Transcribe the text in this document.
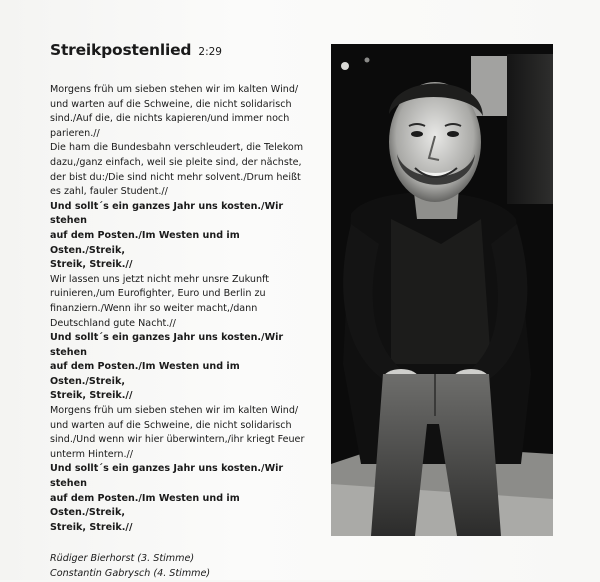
Streikpostenlied 2:29

Morgens früh um sieben stehen wir im kalten Wind/

und warten auf die Schweine, die nicht solidarisch

sind./Auf die, die nichts kapieren/und immer noch

parieren.//

Die ham die Bundesbahn verschleudert, die Telekom

dazu,/ganz einfach, weil sie pleite sind, der nächste,

der bist du:/Die sind nicht mehr solvent./Drum heißt

es zahl, fauler Student.//

Und sollt´s ein ganzes Jahr uns kosten./Wir stehen

auf dem Posten./Im Westen und im Osten./Streik,

Streik, Streik.//

Wir lassen uns jetzt nicht mehr unsre Zukunft

ruinieren,/um Eurofighter, Euro und Berlin zu

finanziern./Wenn ihr so weiter macht,/dann

Deutschland gute Nacht.//

Und sollt´s ein ganzes Jahr uns kosten./Wir stehen

auf dem Posten./Im Westen und im Osten./Streik,

Streik, Streik.//

Morgens früh um sieben stehen wir im kalten Wind/

und warten auf die Schweine, die nicht solidarisch

sind./Und wenn wir hier überwintern,/ihr kriegt Feuer

unterm Hintern.//

Und sollt´s ein ganzes Jahr uns kosten./Wir stehen

auf dem Posten./Im Westen und im Osten./Streik,

Streik, Streik.//

Rüdiger Bierhorst (3. Stimme)

Constantin Gabrysch (4. Stimme)
